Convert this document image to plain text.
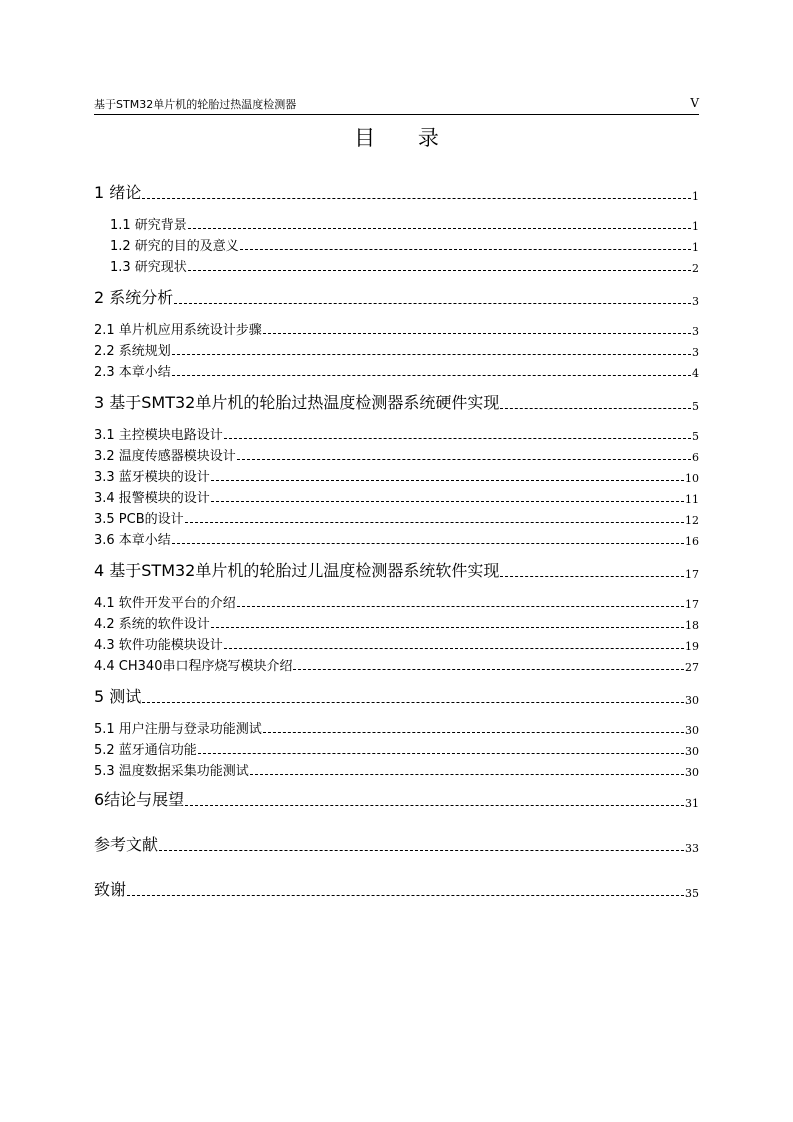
基于STM32单片机的轮胎过热温度检测器	V
目 录
1 绪论	1
1.1 研究背景	1
1.2 研究的目的及意义	1
1.3 研究现状	2
2 系统分析	3
2.1 单片机应用系统设计步骤	3
2.2 系统规划	3
2.3 本章小结	4
3 基于SMT32单片机的轮胎过热温度检测器系统硬件实现	5
3.1 主控模块电路设计	5
3.2 温度传感器模块设计	6
3.3 蓝牙模块的设计	10
3.4 报警模块的设计	11
3.5 PCB的设计	12
3.6 本章小结	16
4 基于STM32单片机的轮胎过儿温度检测器系统软件实现	17
4.1 软件开发平台的介绍	17
4.2 系统的软件设计	18
4.3 软件功能模块设计	19
4.4 CH340串口程序烧写模块介绍	27
5 测试	30
5.1 用户注册与登录功能测试	30
5.2 蓝牙通信功能	30
5.3 温度数据采集功能测试	30
6结论与展望	31
参考文献	33
致谢	35
